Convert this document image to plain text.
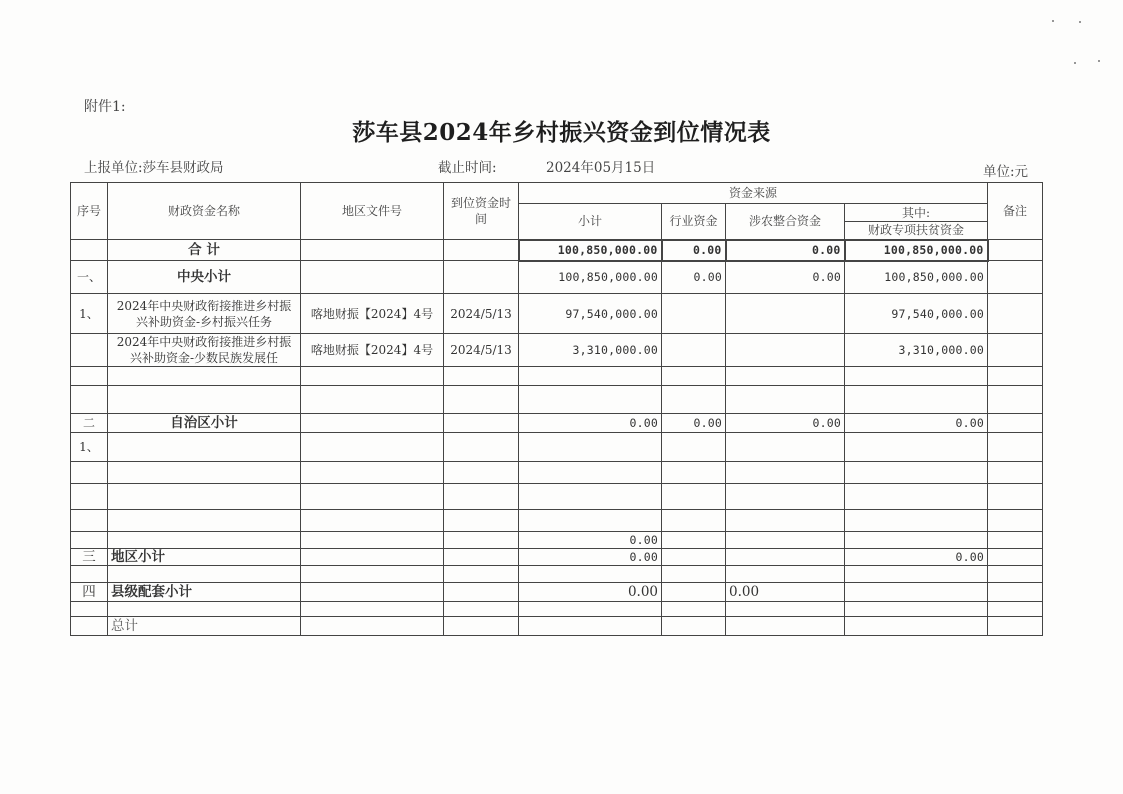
附件1:
莎车县2024年乡村振兴资金到位情况表
上报单位:莎车县财政局	截止时间:	2024年05月15日	单位:元
序号	财政资金名称	地区文件号	到位资金时间	资金来源				备注
				小计	行业资金	涉农整合资金	其中:	
							财政专项扶贫资金	
	合 计			100,850,000.00	0.00	0.00	100,850,000.00	
一、	中央小计			100,850,000.00	0.00	0.00	100,850,000.00	
1、	2024年中央财政衔接推进乡村振兴补助资金-乡村振兴任务	喀地财振【2024】4号	2024/5/13	97,540,000.00			97,540,000.00	
	2024年中央财政衔接推进乡村振兴补助资金-少数民族发展任	喀地财振【2024】4号	2024/5/13	3,310,000.00			3,310,000.00	

二	自治区小计			0.00	0.00	0.00	0.00	
1、								

				0.00				
三	地区小计			0.00			0.00	

四	县级配套小计			0.00		0.00		

	总计							
